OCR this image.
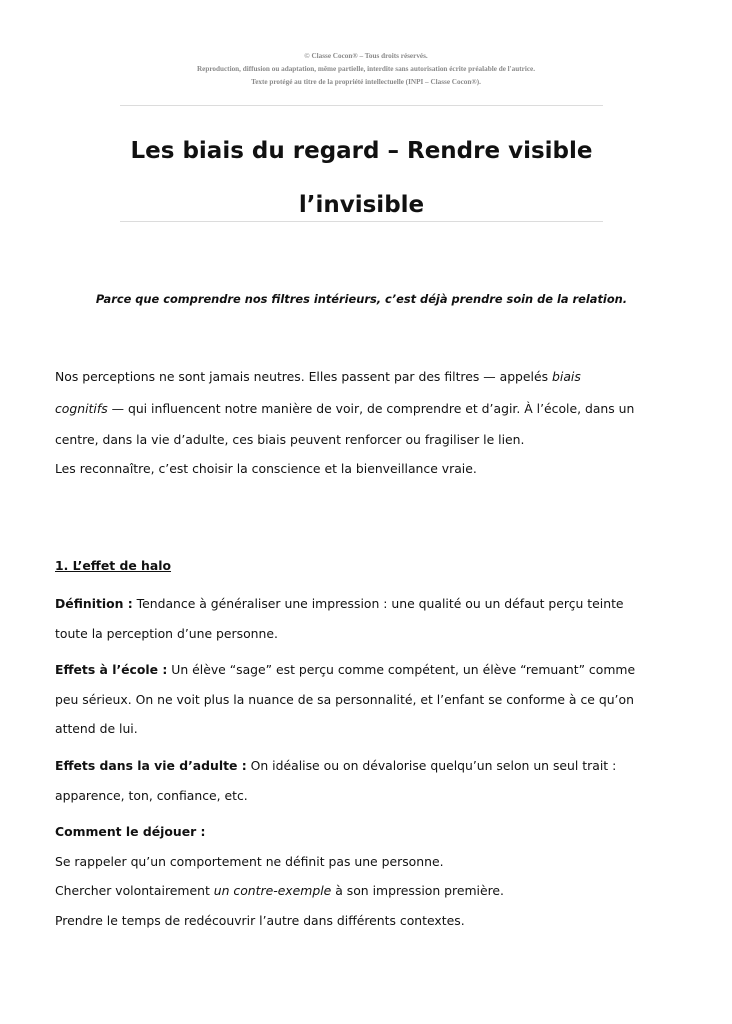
© Classe Cocon® – Tous droits réservés.
Reproduction, diffusion ou adaptation, même partielle, interdite sans autorisation écrite préalable de l'autrice.
Texte protégé au titre de la propriété intellectuelle (INPI – Classe Cocon®).
Les biais du regard – Rendre visible
l’invisible
Parce que comprendre nos filtres intérieurs, c’est déjà prendre soin de la relation.
Nos perceptions ne sont jamais neutres. Elles passent par des filtres — appelés biais
cognitifs — qui influencent notre manière de voir, de comprendre et d’agir. À l’école, dans un
centre, dans la vie d’adulte, ces biais peuvent renforcer ou fragiliser le lien.
Les reconnaître, c’est choisir la conscience et la bienveillance vraie.
1. L’effet de halo
Définition : Tendance à généraliser une impression : une qualité ou un défaut perçu teinte
toute la perception d’une personne.
Effets à l’école : Un élève “sage” est perçu comme compétent, un élève “remuant” comme
peu sérieux. On ne voit plus la nuance de sa personnalité, et l’enfant se conforme à ce qu’on
attend de lui.
Effets dans la vie d’adulte : On idéalise ou on dévalorise quelqu’un selon un seul trait :
apparence, ton, confiance, etc.
Comment le déjouer :
Se rappeler qu’un comportement ne définit pas une personne.
Chercher volontairement un contre-exemple à son impression première.
Prendre le temps de redécouvrir l’autre dans différents contextes.
